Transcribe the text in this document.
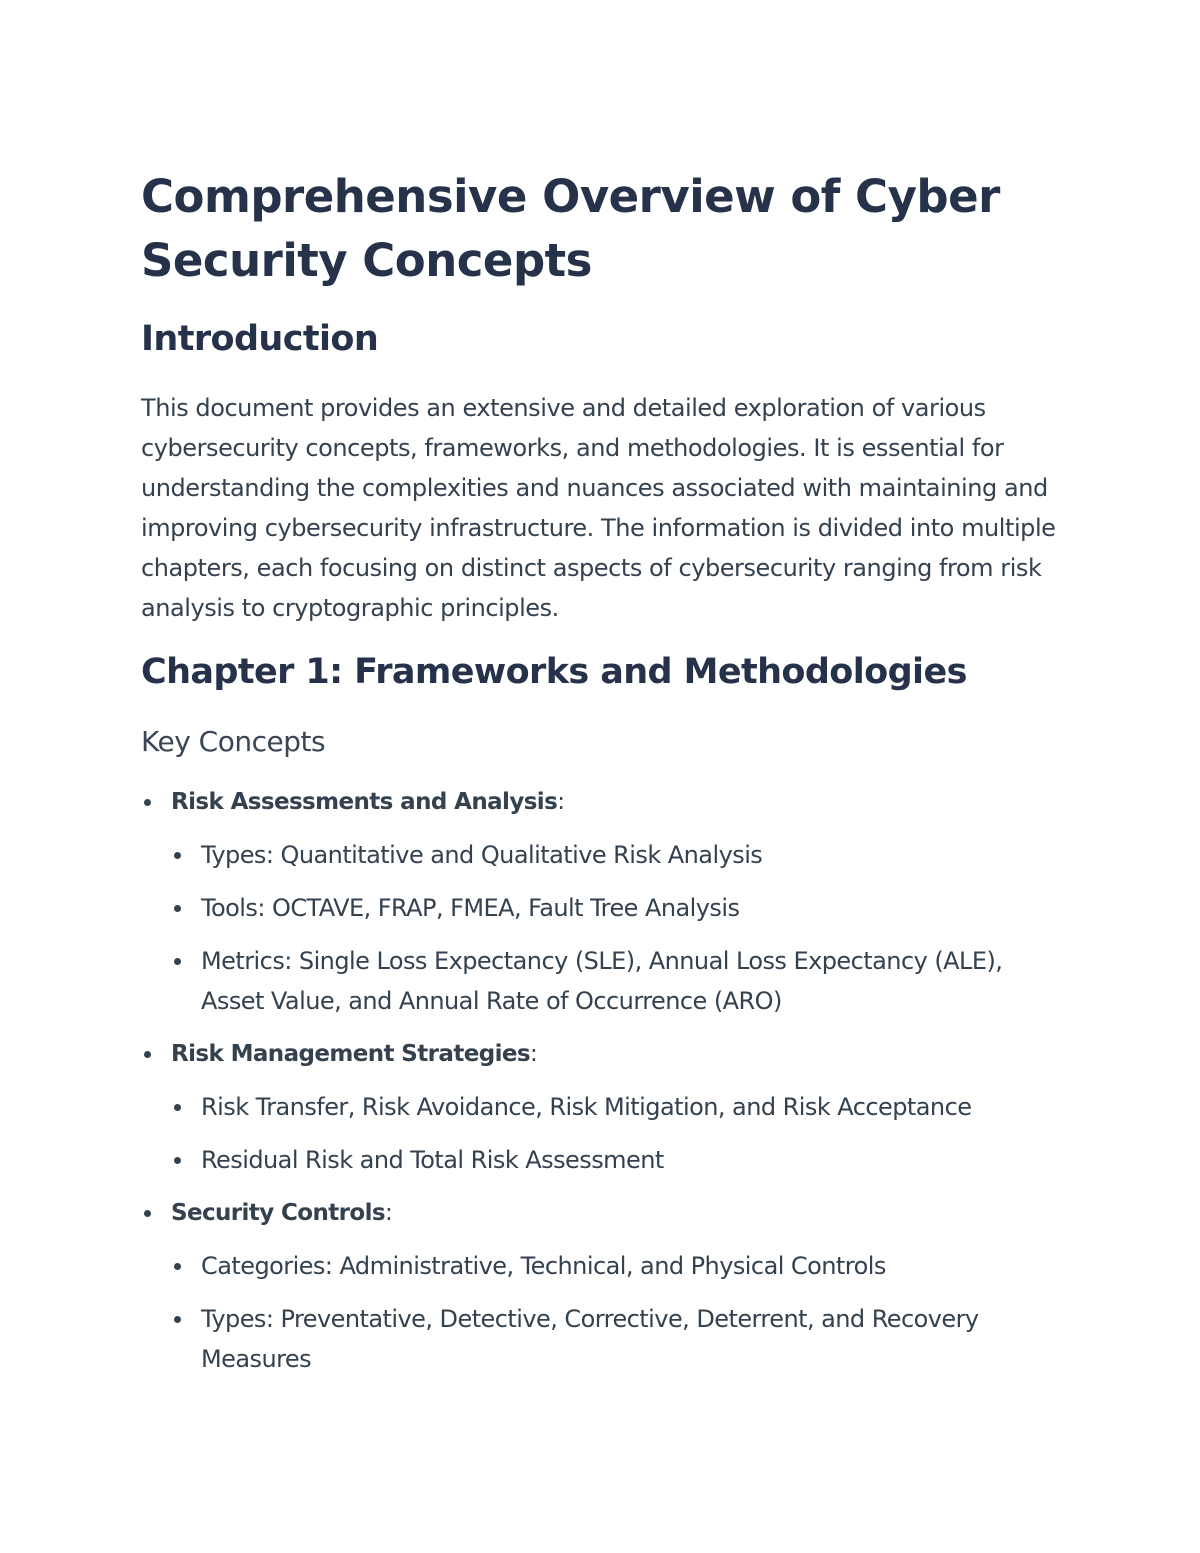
Comprehensive Overview of Cyber Security Concepts
Introduction

This document provides an extensive and detailed exploration of various cybersecurity concepts, frameworks, and methodologies. It is essential for understanding the complexities and nuances associated with maintaining and improving cybersecurity infrastructure. The information is divided into multiple chapters, each focusing on distinct aspects of cybersecurity ranging from risk analysis to cryptographic principles.

Chapter 1: Frameworks and Methodologies
Key Concepts
Risk Assessments and Analysis:
Types: Quantitative and Qualitative Risk Analysis
Tools: OCTAVE, FRAP, FMEA, Fault Tree Analysis
Metrics: Single Loss Expectancy (SLE), Annual Loss Expectancy (ALE), Asset Value, and Annual Rate of Occurrence (ARO)
Risk Management Strategies:
Risk Transfer, Risk Avoidance, Risk Mitigation, and Risk Acceptance
Residual Risk and Total Risk Assessment
Security Controls:
Categories: Administrative, Technical, and Physical Controls
Types: Preventative, Detective, Corrective, Deterrent, and Recovery Measures
